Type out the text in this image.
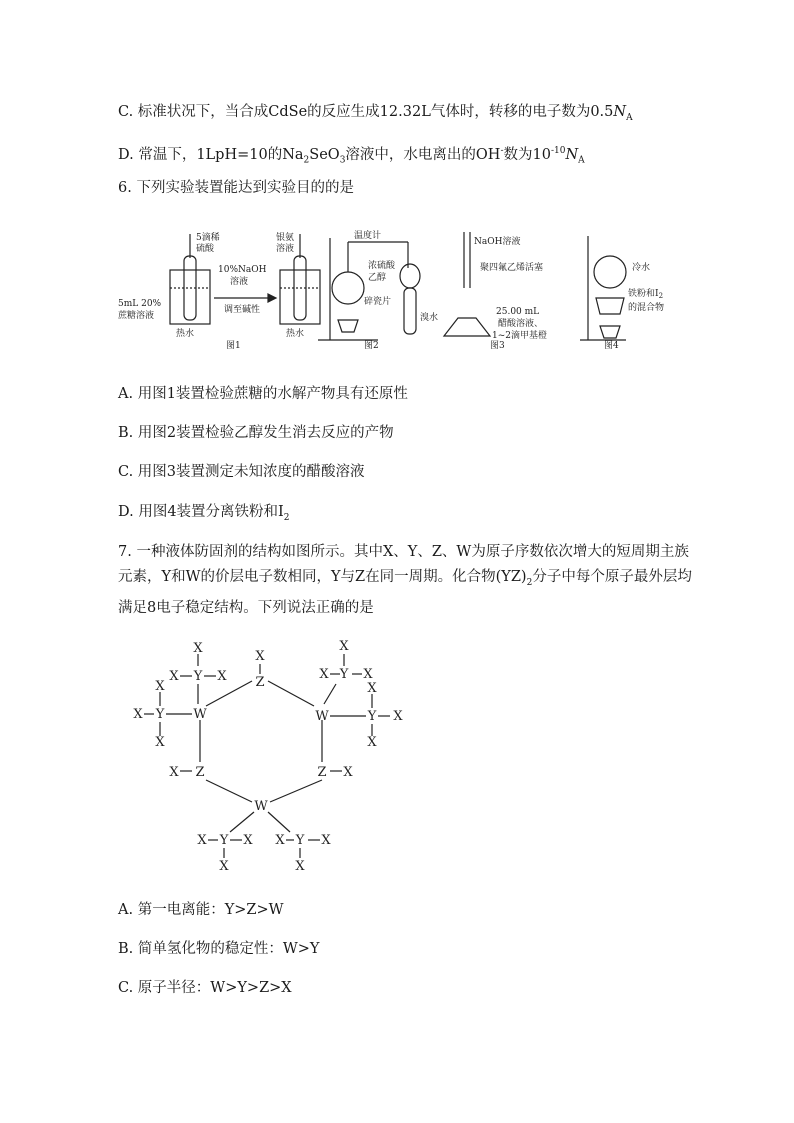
C. 标准状况下，当合成CdSe的反应生成12.32L气体时，转移的电子数为$0.5N_A$
D. 常温下，1LpH=10的$Na_2SeO_3$溶液中，水电离出的OH-数为$10^{-10}N_A$
6. 下列实验装置能达到实验目的的是
5滴稀
硫酸
银氨
溶液
10%NaOH
溶液
调至碱性
5mL 20%
蔗糖溶液
热水	热水
图1
温度计
浓硫酸
乙醇
碎瓷片
溴水
图2
NaOH溶液
聚四氟乙烯活塞
25.00 mL
醋酸溶液、
1~2滴甲基橙
图3
冷水
铁粉和$I_2$
的混合物
图4
A. 用图1装置检验蔗糖的水解产物具有还原性
B. 用图2装置检验乙醇发生消去反应的产物
C. 用图3装置测定未知浓度的醋酸溶液
D. 用图4装置分离铁粉和$I_2$
7. 一种液体防固剂的结构如图所示。其中X、Y、Z、W为原子序数依次增大的短周期主族元素，Y和W的价层电子数相同，Y与Z在同一周期。化合物$(YZ)_2$分子中每个原子最外层均满足8电子稳定结构。下列说法正确的是
X
Z
X
X Y X
X
X Y W
X
X
X Y X
X
W	Y X
X
X Z	Z X
W
X Y X X Y X
X	X
A. 第一电离能：Y>Z>W
B. 简单氢化物的稳定性：W>Y
C. 原子半径：W>Y>Z>X
